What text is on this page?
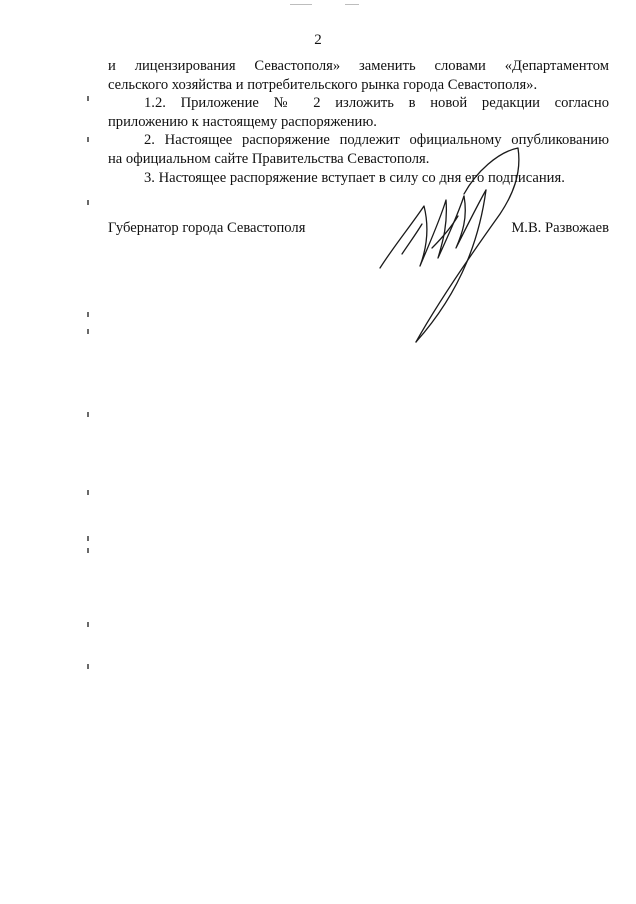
2

и лицензирования Севастополя» заменить словами «Департаментом
сельского хозяйства и потребительского рынка города Севастополя».

1.2. Приложение № 2 изложить в новой редакции согласно
приложению к настоящему распоряжению.

2. Настоящее распоряжение подлежит официальному опубликованию
на официальном сайте Правительства Севастополя.

3. Настоящее распоряжение вступает в силу со дня его подписания.

Губернатор города Севастополя	М.В. Развожаев
